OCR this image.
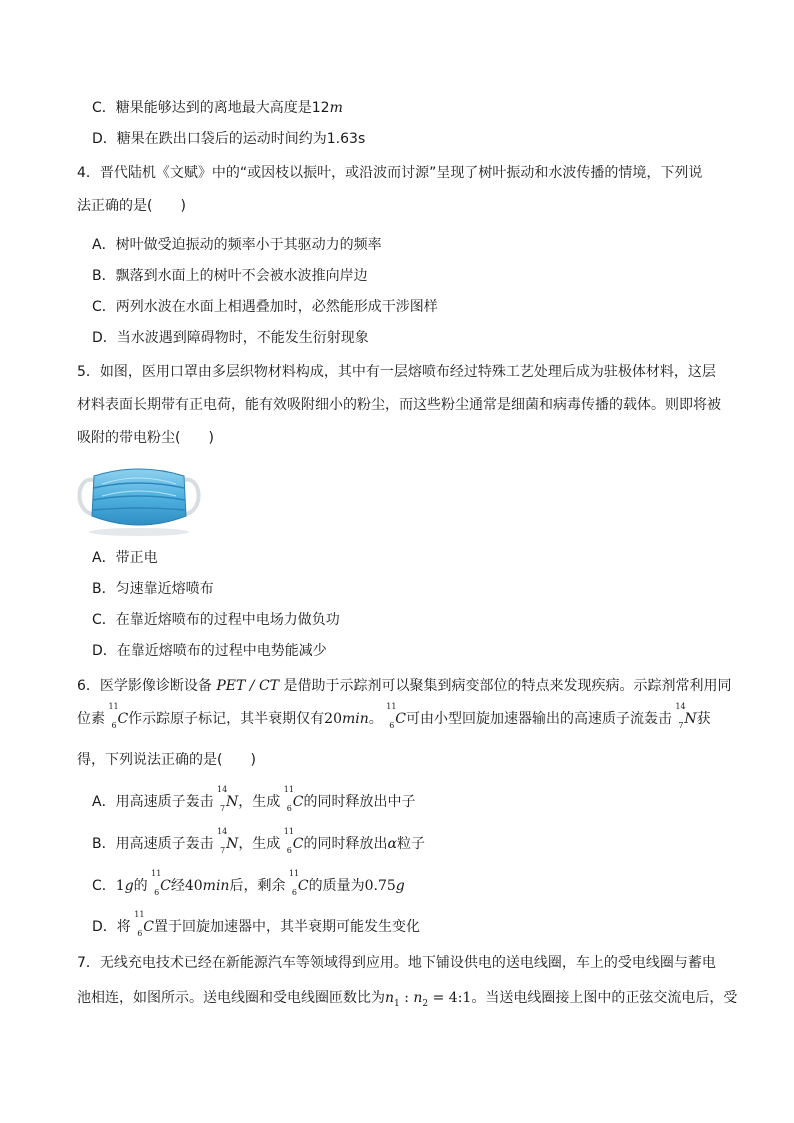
C．糖果能够达到的离地最大高度是12m
D．糖果在跌出口袋后的运动时间约为1.63s
4．晋代陆机《文赋》中的“或因枝以振叶，或沿波而讨源”呈现了树叶振动和水波传播的情境，下列说
法正确的是(　　)
A．树叶做受迫振动的频率小于其驱动力的频率
B．飘落到水面上的树叶不会被水波推向岸边
C．两列水波在水面上相遇叠加时，必然能形成干涉图样
D．当水波遇到障碍物时，不能发生衍射现象
5．如图，医用口罩由多层织物材料构成，其中有一层熔喷布经过特殊工艺处理后成为驻极体材料，这层
材料表面长期带有正电荷，能有效吸附细小的粉尘，而这些粉尘通常是细菌和病毒传播的载体。则即将被
吸附的带电粉尘(　　)
A．带正电
B．匀速靠近熔喷布
C．在靠近熔喷布的过程中电场力做负功
D．在靠近熔喷布的过程中电势能减少
6．医学影像诊断设备 PET / CT 是借助于示踪剂可以聚集到病变部位的特点来发现疾病。示踪剂常利用同
位素
11
6 C作示踪原子标记，其半衰期仅有20min。
11
6 C可由小型回旋加速器输出的高速质子流轰击
14
7 N获
得，下列说法正确的是(　　)
A．用高速质子轰击
14
7 N，生成
11
6 C的同时释放出中子
B．用高速质子轰击
14
7 N，生成
11
6 C的同时释放出α粒子
C．1g的
11
6 C经40min后，剩余
11
6 C的质量为0.75g
D．将
11
6 C置于回旋加速器中，其半衰期可能发生变化
7．无线充电技术已经在新能源汽车等领域得到应用。地下铺设供电的送电线圈，车上的受电线圈与蓄电
池相连，如图所示。送电线圈和受电线圈匝数比为$n_1$ : $n_2$ = 4:1。当送电线圈接上图中的正弦交流电后，受
